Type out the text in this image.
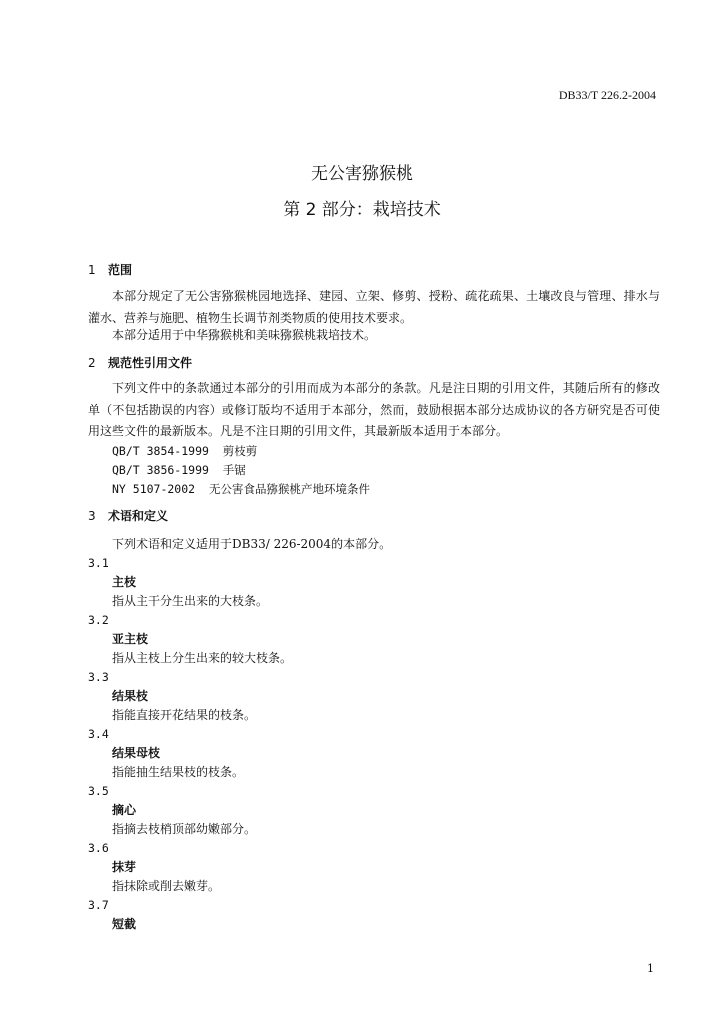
DB33/T 226.2-2004
无公害猕猴桃
第 2 部分：栽培技术
1 范围
本部分规定了无公害猕猴桃园地选择、建园、立架、修剪、授粉、疏花疏果、土壤改良与管理、排水与灌水、营养与施肥、植物生长调节剂类物质的使用技术要求。
本部分适用于中华猕猴桃和美味猕猴桃栽培技术。
2 规范性引用文件
下列文件中的条款通过本部分的引用而成为本部分的条款。凡是注日期的引用文件，其随后所有的修改单（不包括勘误的内容）或修订版均不适用于本部分，然而，鼓励根据本部分达成协议的各方研究是否可使用这些文件的最新版本。凡是不注日期的引用文件，其最新版本适用于本部分。
QB/T 3854-1999 剪枝剪
QB/T 3856-1999 手锯
NY 5107-2002 无公害食品猕猴桃产地环境条件
3 术语和定义
下列术语和定义适用于DB33/ 226-2004的本部分。
3.1
主枝
指从主干分生出来的大枝条。
3.2
亚主枝
指从主枝上分生出来的较大枝条。
3.3
结果枝
指能直接开花结果的枝条。
3.4
结果母枝
指能抽生结果枝的枝条。
3.5
摘心
指摘去枝梢顶部幼嫩部分。
3.6
抹芽
指抹除或削去嫩芽。
3.7
短截
1
